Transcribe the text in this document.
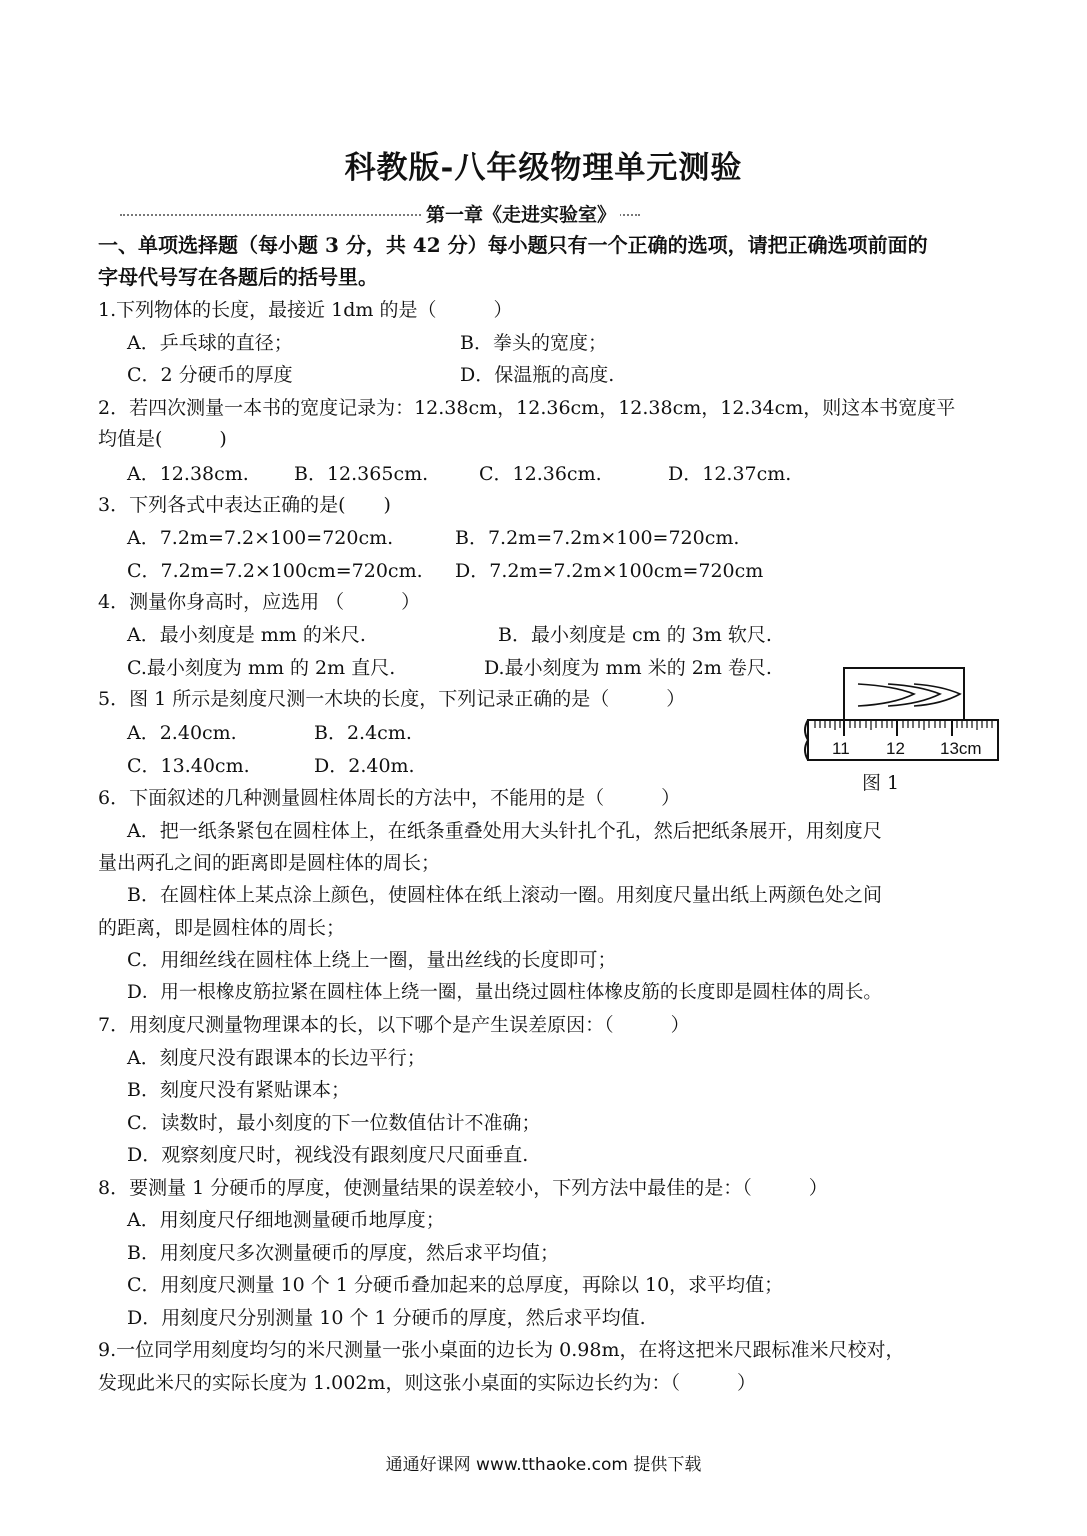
科教版-八年级物理单元测验
第一章《走进实验室》
一、单项选择题（每小题 3 分，共 42 分）每小题只有一个正确的选项，请把正确选项前面的
字母代号写在各题后的括号里。
1.下列物体的长度，最接近 1dm 的是（　　　）
A．乒乓球的直径；	B．拳头的宽度；
C．2 分硬币的厚度	D．保温瓶的高度.
2．若四次测量一本书的宽度记录为：12.38cm，12.36cm，12.38cm，12.34cm，则这本书宽度平
均值是(　　　)
A．12.38cm. B．12.365cm.	C．12.36cm.	D．12.37cm.
3．下列各式中表达正确的是(　　)
A．7.2m=7.2×100=720cm.	B．7.2m=7.2m×100=720cm.
C．7.2m=7.2×100cm=720cm. D．7.2m=7.2m×100cm=720cm
4．测量你身高时，应选用 （　　　）
A．最小刻度是 mm 的米尺.	B．最小刻度是 cm 的 3m 软尺.
C.最小刻度为 mm 的 2m 直尺.	D.最小刻度为 mm 米的 2m 卷尺.
5．图 1 所示是刻度尺测一木块的长度，下列记录正确的是（　　　）
A．2.40cm.	B．2.4cm.
C．13.40cm.	D．2.40m.
11 12 13cm
图 1
6．下面叙述的几种测量圆柱体周长的方法中，不能用的是（　　　）
A．把一纸条紧包在圆柱体上，在纸条重叠处用大头针扎个孔，然后把纸条展开，用刻度尺
量出两孔之间的距离即是圆柱体的周长；
B．在圆柱体上某点涂上颜色，使圆柱体在纸上滚动一圈。用刻度尺量出纸上两颜色处之间
的距离，即是圆柱体的周长；
C．用细丝线在圆柱体上绕上一圈，量出丝线的长度即可；
D．用一根橡皮筋拉紧在圆柱体上绕一圈，量出绕过圆柱体橡皮筋的长度即是圆柱体的周长。
7．用刻度尺测量物理课本的长，以下哪个是产生误差原因：（　　　）
A．刻度尺没有跟课本的长边平行；
B．刻度尺没有紧贴课本；
C．读数时，最小刻度的下一位数值估计不准确；
D．观察刻度尺时，视线没有跟刻度尺尺面垂直.
8．要测量 1 分硬币的厚度，使测量结果的误差较小，下列方法中最佳的是：（　　　）
A．用刻度尺仔细地测量硬币地厚度；
B．用刻度尺多次测量硬币的厚度，然后求平均值；
C．用刻度尺测量 10 个 1 分硬币叠加起来的总厚度，再除以 10，求平均值；
D．用刻度尺分别测量 10 个 1 分硬币的厚度，然后求平均值.
9.一位同学用刻度均匀的米尺测量一张小桌面的边长为 0.98m，在将这把米尺跟标准米尺校对，
发现此米尺的实际长度为 1.002m，则这张小桌面的实际边长约为：（　　　）
通通好课网 www.tthaoke.com 提供下载
